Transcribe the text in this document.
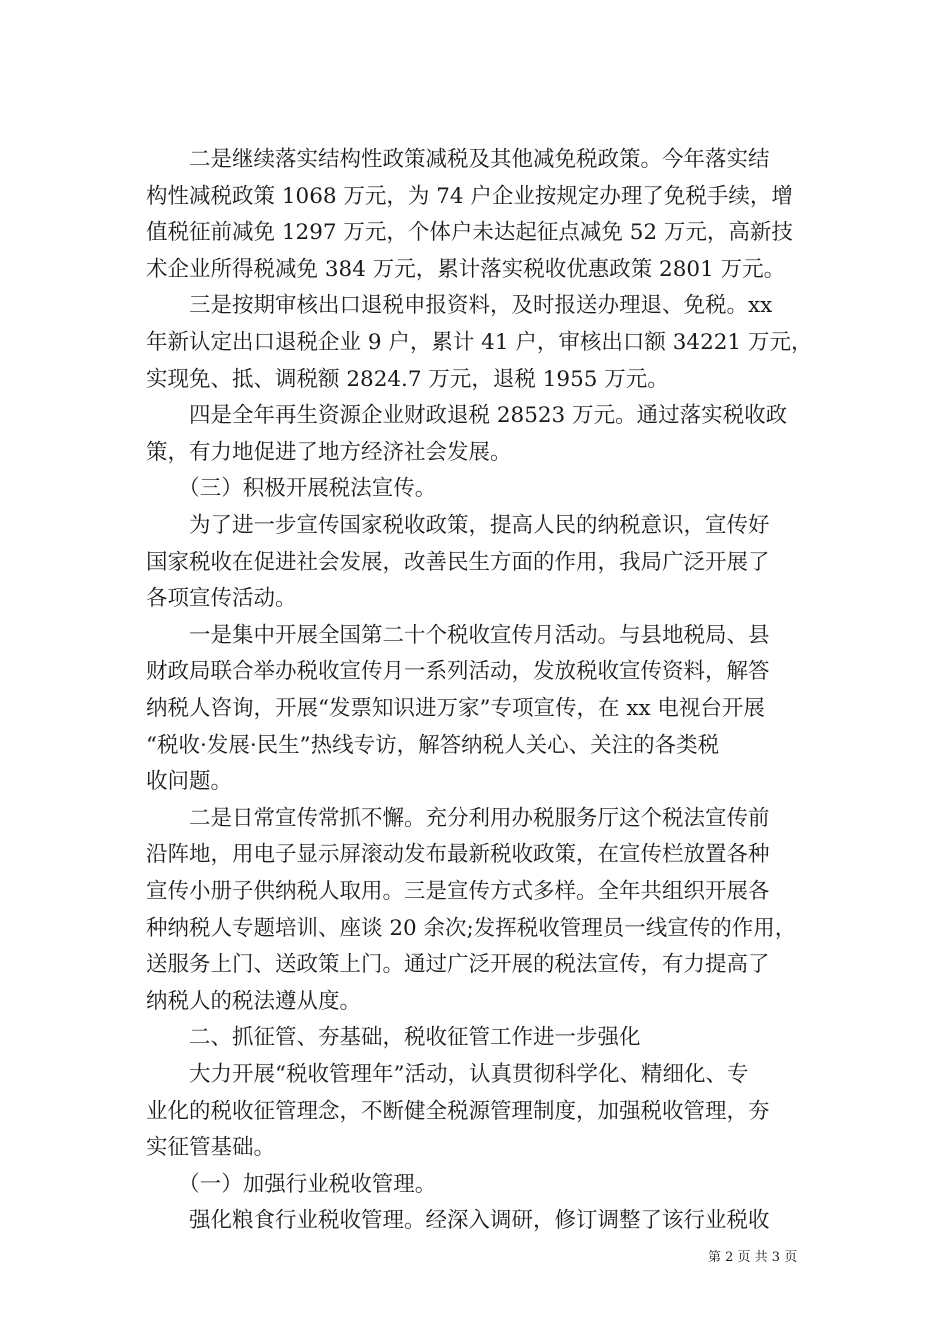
　　二是继续落实结构性政策减税及其他减免税政策。今年落实结
构性减税政策 1068 万元，为 74 户企业按规定办理了免税手续，增
值税征前减免 1297 万元，个体户未达起征点减免 52 万元，高新技
术企业所得税减免 384 万元，累计落实税收优惠政策 2801 万元。
　　三是按期审核出口退税申报资料，及时报送办理退、免税。xx
年新认定出口退税企业 9 户，累计 41 户，审核出口额 34221 万元，
实现免、抵、调税额 2824.7 万元，退税 1955 万元。
　　四是全年再生资源企业财政退税 28523 万元。通过落实税收政
策，有力地促进了地方经济社会发展。
　　（三）积极开展税法宣传。
　　为了进一步宣传国家税收政策，提高人民的纳税意识，宣传好
国家税收在促进社会发展，改善民生方面的作用，我局广泛开展了
各项宣传活动。
　　一是集中开展全国第二十个税收宣传月活动。与县地税局、县
财政局联合举办税收宣传月一系列活动，发放税收宣传资料，解答
纳税人咨询，开展“发票知识进万家”专项宣传，在 xx 电视台开展
“税收·发展·民生”热线专访，解答纳税人关心、关注的各类税
收问题。
　　二是日常宣传常抓不懈。充分利用办税服务厅这个税法宣传前
沿阵地，用电子显示屏滚动发布最新税收政策，在宣传栏放置各种
宣传小册子供纳税人取用。三是宣传方式多样。全年共组织开展各
种纳税人专题培训、座谈 20 余次;发挥税收管理员一线宣传的作用，
送服务上门、送政策上门。通过广泛开展的税法宣传，有力提高了
纳税人的税法遵从度。
　　二、抓征管、夯基础，税收征管工作进一步强化
　　大力开展“税收管理年”活动，认真贯彻科学化、精细化、专
业化的税收征管理念，不断健全税源管理制度，加强税收管理，夯
实征管基础。
　　（一）加强行业税收管理。
　　强化粮食行业税收管理。经深入调研，修订调整了该行业税收
第 2 页 共 3 页
